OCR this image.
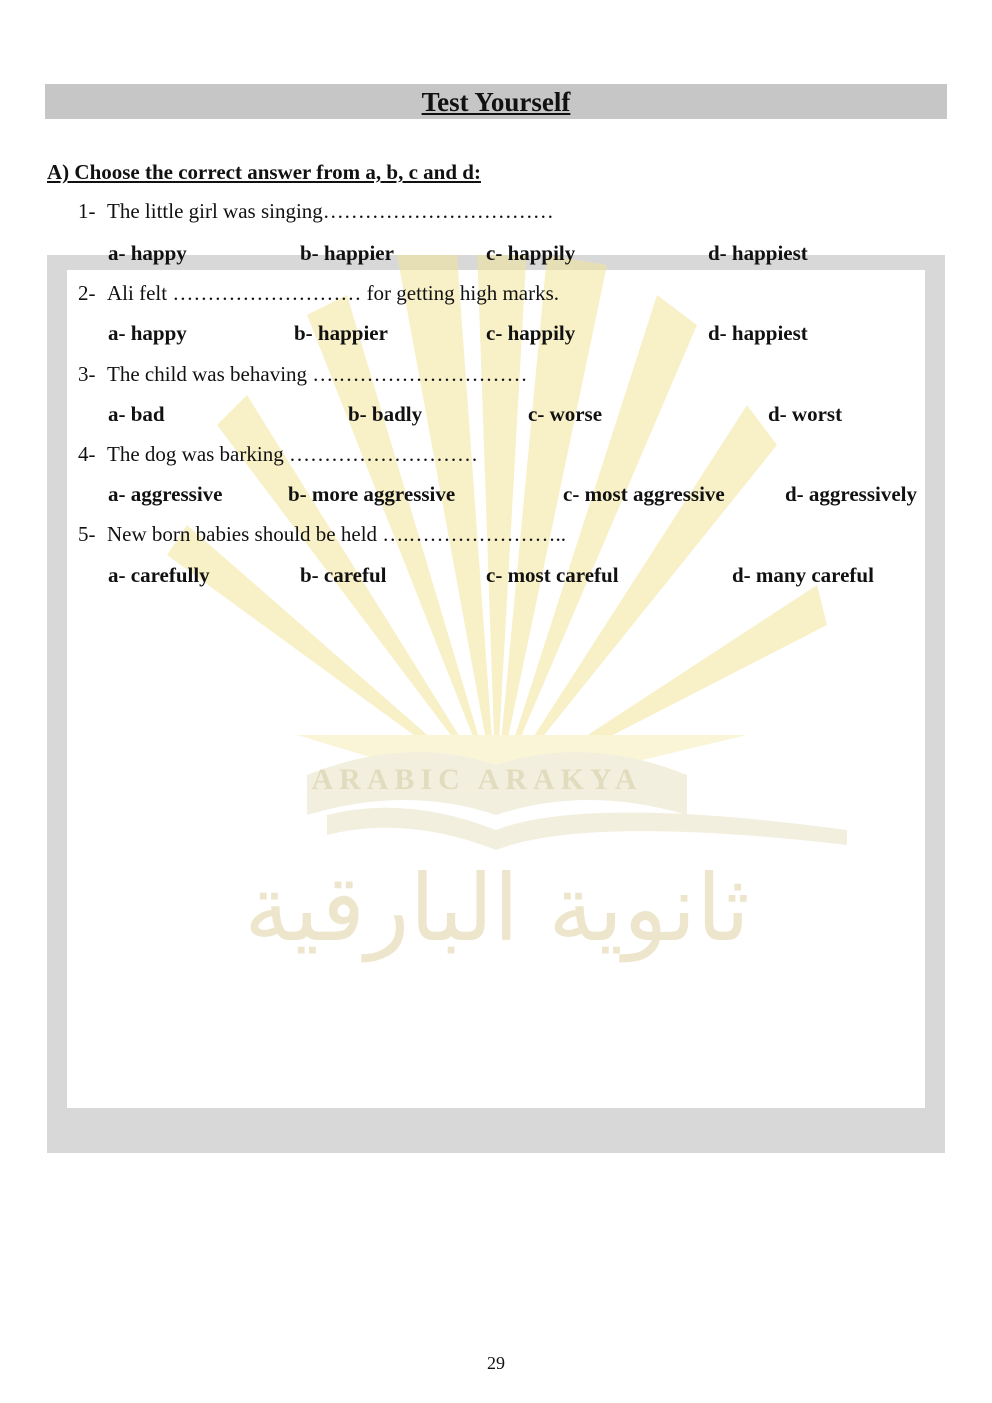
Test Yourself
A) Choose the correct answer from a, b, c and d:
ARABIC ARAKYA
ثانوية البارقية
1- The little girl was singing……………………………
a- happy	b- happier	c- happily	d- happiest
2- Ali felt ……………………… for getting high marks.
a- happy	b- happier	c- happily	d- happiest
3- The child was behaving ….………………………
a- bad	b- badly	c- worse	d- worst
4- The dog was barking ………………………
a- aggressive	b- more aggressive	c- most aggressive	d- aggressively
5- New born babies should be held ….…………………..
a- carefully	b- careful	c- most careful	d- many careful
29
